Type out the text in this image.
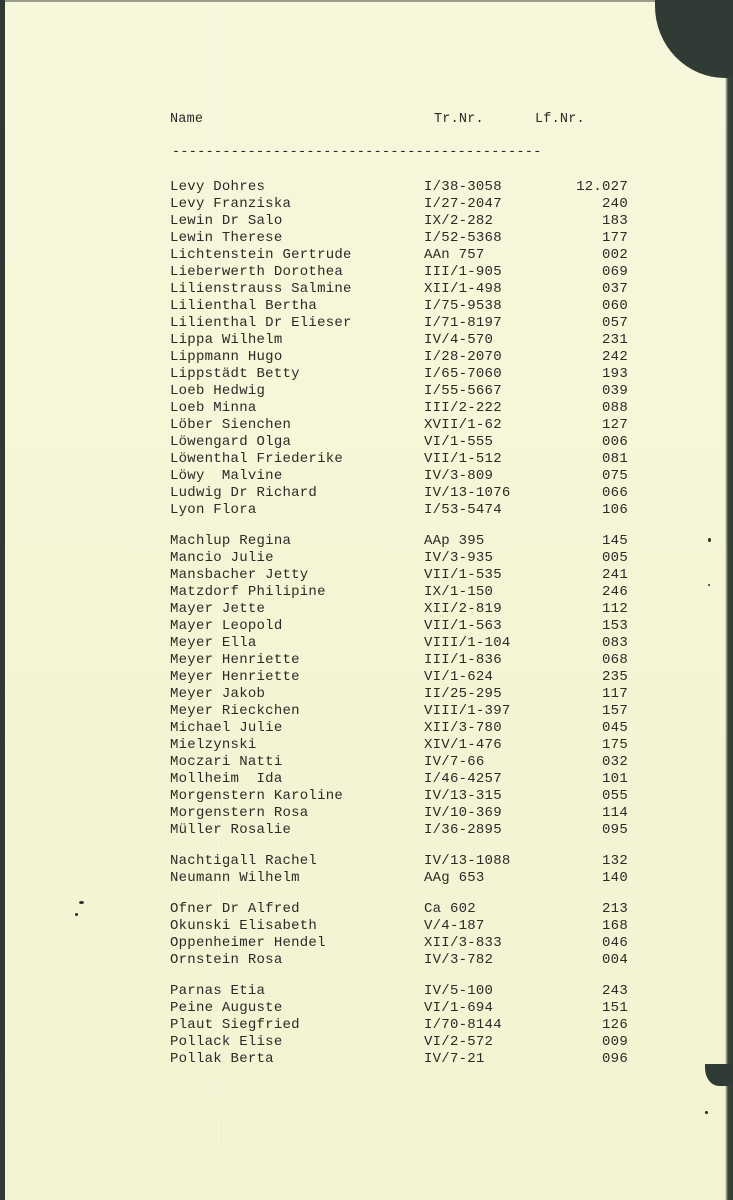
Name	Tr.Nr.	Lf.Nr.
--------------------------------------------
Levy Dohres	I/38-3058	12.027
Levy Franziska	I/27-2047	240
Lewin Dr Salo	IX/2-282	183
Lewin Therese	I/52-5368	177
Lichtenstein Gertrude	AAn 757	002
Lieberwerth Dorothea	III/1-905	069
Lilienstrauss Salmine	XII/1-498	037
Lilienthal Bertha	I/75-9538	060
Lilienthal Dr Elieser	I/71-8197	057
Lippa Wilhelm	IV/4-570	231
Lippmann Hugo	I/28-2070	242
Lippstädt Betty	I/65-7060	193
Loeb Hedwig	I/55-5667	039
Loeb Minna	III/2-222	088
Löber Sienchen	XVII/1-62	127
Löwengard Olga	VI/1-555	006
Löwenthal Friederike	VII/1-512	081
Löwy  Malvine	IV/3-809	075
Ludwig Dr Richard	IV/13-1076	066
Lyon Flora	I/53-5474	106
Machlup Regina	AAp 395	145
Mancio Julie	IV/3-935	005
Mansbacher Jetty	VII/1-535	241
Matzdorf Philipine	IX/1-150	246
Mayer Jette	XII/2-819	112
Mayer Leopold	VII/1-563	153
Meyer Ella	VIII/1-104	083
Meyer Henriette	III/1-836	068
Meyer Henriette	VI/1-624	235
Meyer Jakob	II/25-295	117
Meyer Rieckchen	VIII/1-397	157
Michael Julie	XII/3-780	045
Mielzynski	XIV/1-476	175
Moczari Natti	IV/7-66	032
Mollheim  Ida	I/46-4257	101
Morgenstern Karoline	IV/13-315	055
Morgenstern Rosa	IV/10-369	114
Müller Rosalie	I/36-2895	095
Nachtigall Rachel	IV/13-1088	132
Neumann Wilhelm	AAg 653	140
Ofner Dr Alfred	Ca 602	213
Okunski Elisabeth	V/4-187	168
Oppenheimer Hendel	XII/3-833	046
Ornstein Rosa	IV/3-782	004
Parnas Etia	IV/5-100	243
Peine Auguste	VI/1-694	151
Plaut Siegfried	I/70-8144	126
Pollack Elise	VI/2-572	009
Pollak Berta	IV/7-21	096
